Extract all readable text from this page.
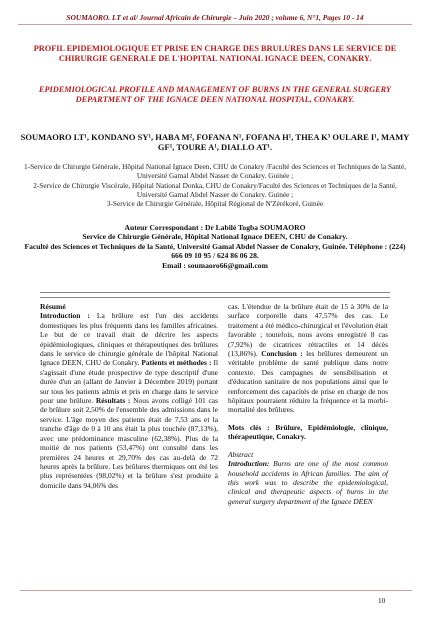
SOUMAORO. LT et al/ Journal Africain de Chirurgie – Juin 2020 ; volume 6, N°1, Pages 10 - 14
PROFIL EPIDEMIOLOGIQUE ET PRISE EN CHARGE DES BRULURES DANS LE SERVICE DE CHIRURGIE GENERALE DE L'HOPITAL NATIONAL IGNACE DEEN, CONAKRY.
EPIDEMIOLOGICAL PROFILE AND MANAGEMENT OF BURNS IN THE GENERAL SURGERY DEPARTMENT OF THE IGNACE DEEN NATIONAL HOSPITAL, CONAKRY.
SOUMAORO LT¹, KONDANO SY¹, HABA M², FOFANA N¹, FOFANA H¹, THEA K³ OULARE I¹, MAMY GF¹, TOURE A¹, DIALLO AT¹.
1-Service de Chirurgie Générale, Hôpital National Ignace Deen, CHU de Conakry /Faculté des Sciences et Techniques de la Santé, Université Gamal Abdel Nasser de Conakry. Guinée ;
2-Service de Chirurgie Viscérale, Hôpital National Donka, CHU de Conakry/Faculté des Sciences et Techniques de la Santé, Université Gamal Abdel Nasser de Conakry. Guinée ;
3-Service de Chirurgie Générale, Hôpital Régional de N'Zérékoré, Guinée
Auteur Correspondant : Dr Labilé Togba SOUMAORO
Service de Chirurgie Générale, Hôpital National Ignace DEEN, CHU de Conakry.
Faculté des Sciences et Techniques de la Santé, Université Gamal Abdel Nasser de Conakry, Guinée. Téléphone : (224) 666 09 10 95 / 624 86 06 28.
Email : soumaoro66@gmail.com

Résumé

Introduction : La brûlure est l'un des accidents domestiques les plus fréquents dans les familles africaines. Le but de ce travail était de décrire les aspects épidémiologiques, cliniques et thérapeutiques des brûlures dans le service de chirurgie générale de l'hôpital National Ignace DEEN, CHU de Conakry. Patients et méthodes : Il s'agissait d'une étude prospective de type descriptif d'une durée d'un an (allant de Janvier à Décembre 2019) portant sur tous les patients admis et pris en charge dans le service pour une brûlure. Résultats : Nous avons colligé 101 cas de brûlure soit 2,50% de l'ensemble des admissions dans le service. L'âge moyen des patients était de 7,53 ans et la tranche d'âge de 0 à 10 ans était la plus touchée (87,13%), avec une prédominance masculine (62,38%). Plus de la moitié de nos patients (53,47%) ont consulté dans les premières 24 heures et 29,70% des cas au-delà de 72 heures après la brûlure. Les brûlures thermiques ont été les plus représentées (98,02%) et la brûlure s'est produite à domicile dans 94,06% des

cas. L'étendue de la brûlure était de 15 à 30% de la surface corporelle dans 47,57% des cas. Le traitement a été médico-chirurgical et l'évolution était favorable ; toutefois, nous avons enregistré 8 cas (7,92%) de cicatrices rétractiles et 14 décès (13,86%). Conclusion : les brûlures demeurent un véritable problème de santé publique dans notre contexte. Des campagnes de sensibilisation et d'éducation sanitaire de nos populations ainsi que le renforcement des capacités de prise en charge de nos hôpitaux pourraient réduire la fréquence et la morbi-mortalité des brûlures.

Mots clés : Brûlure, Epidémiologie, clinique, thérapeutique, Conakry.

Abstract

Introduction: Burns are one of the most common household accidents in African families. The aim of this work was to describe the epidemiological, clinical and therapeutic aspects of burns in the general surgery department of the Ignace DEEN

10
